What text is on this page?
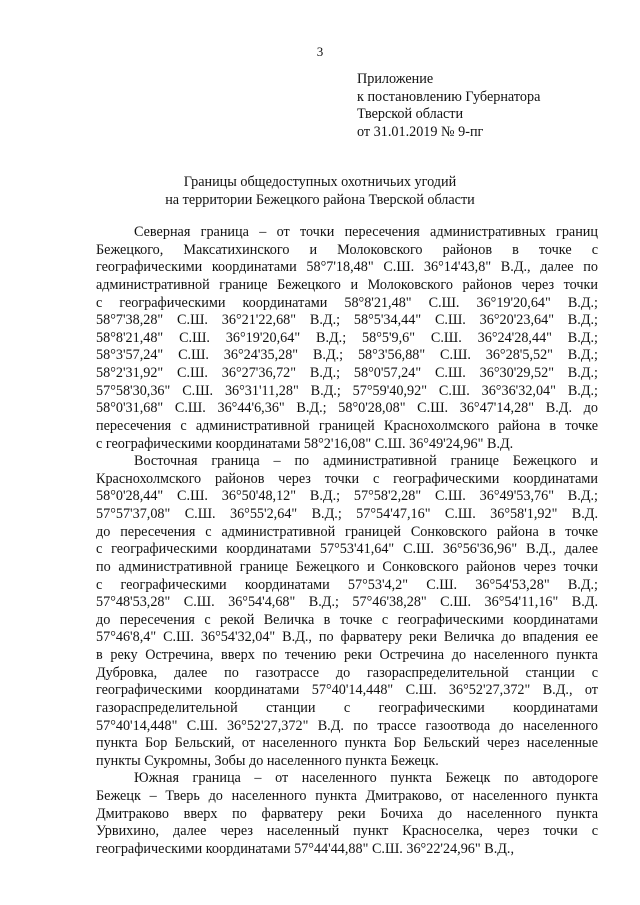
3
Приложение
к постановлению Губернатора
Тверской области
от 31.01.2019 № 9-пг
Границы общедоступных охотничьих угодий
на территории Бежецкого района Тверской области

Северная граница – от точки пересечения административных границ
Бежецкого, Максатихинского и Молоковского районов в точке с
географическими координатами 58°7'18,48" С.Ш. 36°14'43,8" В.Д., далее по
административной границе Бежецкого и Молоковского районов через точки
с географическими координатами 58°8'21,48" С.Ш. 36°19'20,64" В.Д.;
58°7'38,28" С.Ш. 36°21'22,68" В.Д.; 58°5'34,44" С.Ш. 36°20'23,64" В.Д.;
58°8'21,48" С.Ш. 36°19'20,64" В.Д.; 58°5'9,6" С.Ш. 36°24'28,44" В.Д.;
58°3'57,24" С.Ш. 36°24'35,28" В.Д.; 58°3'56,88" С.Ш. 36°28'5,52" В.Д.;
58°2'31,92" С.Ш. 36°27'36,72" В.Д.; 58°0'57,24" С.Ш. 36°30'29,52" В.Д.;
57°58'30,36" С.Ш. 36°31'11,28" В.Д.; 57°59'40,92" С.Ш. 36°36'32,04" В.Д.;
58°0'31,68" С.Ш. 36°44'6,36" В.Д.; 58°0'28,08" С.Ш. 36°47'14,28" В.Д. до
пересечения с административной границей Краснохолмского района в точке
с географическими координатами 58°2'16,08" С.Ш. 36°49'24,96" В.Д.

Восточная граница – по административной границе Бежецкого и
Краснохолмского районов через точки с географическими координатами
58°0'28,44" С.Ш. 36°50'48,12" В.Д.; 57°58'2,28" С.Ш. 36°49'53,76" В.Д.;
57°57'37,08" С.Ш. 36°55'2,64" В.Д.; 57°54'47,16" С.Ш. 36°58'1,92" В.Д.
до пересечения с административной границей Сонковского района в точке
с географическими координатами 57°53'41,64" С.Ш. 36°56'36,96" В.Д., далее
по административной границе Бежецкого и Сонковского районов через точки
с географическими координатами 57°53'4,2" С.Ш. 36°54'53,28" В.Д.;
57°48'53,28" С.Ш. 36°54'4,68" В.Д.; 57°46'38,28" С.Ш. 36°54'11,16" В.Д.
до пересечения с рекой Величка в точке с географическими координатами
57°46'8,4" С.Ш. 36°54'32,04" В.Д., по фарватеру реки Величка до впадения ее
в реку Остречина, вверх по течению реки Остречина до населенного пункта
Дубровка, далее по газотрассе до газораспределительной станции с
географическими координатами 57°40'14,448" С.Ш. 36°52'27,372" В.Д., от
газораспределительной станции с географическими координатами
57°40'14,448" С.Ш. 36°52'27,372" В.Д. по трассе газоотвода до населенного
пункта Бор Бельский, от населенного пункта Бор Бельский через населенные
пункты Сукромны, Зобы до населенного пункта Бежецк.

Южная граница – от населенного пункта Бежецк по автодороге
Бежецк – Тверь до населенного пункта Дмитраково, от населенного пункта
Дмитраково вверх по фарватеру реки Бочиха до населенного пункта
Урвихино, далее через населенный пункт Красноселка, через точки с
географическими координатами 57°44'44,88" С.Ш. 36°22'24,96" В.Д.,
